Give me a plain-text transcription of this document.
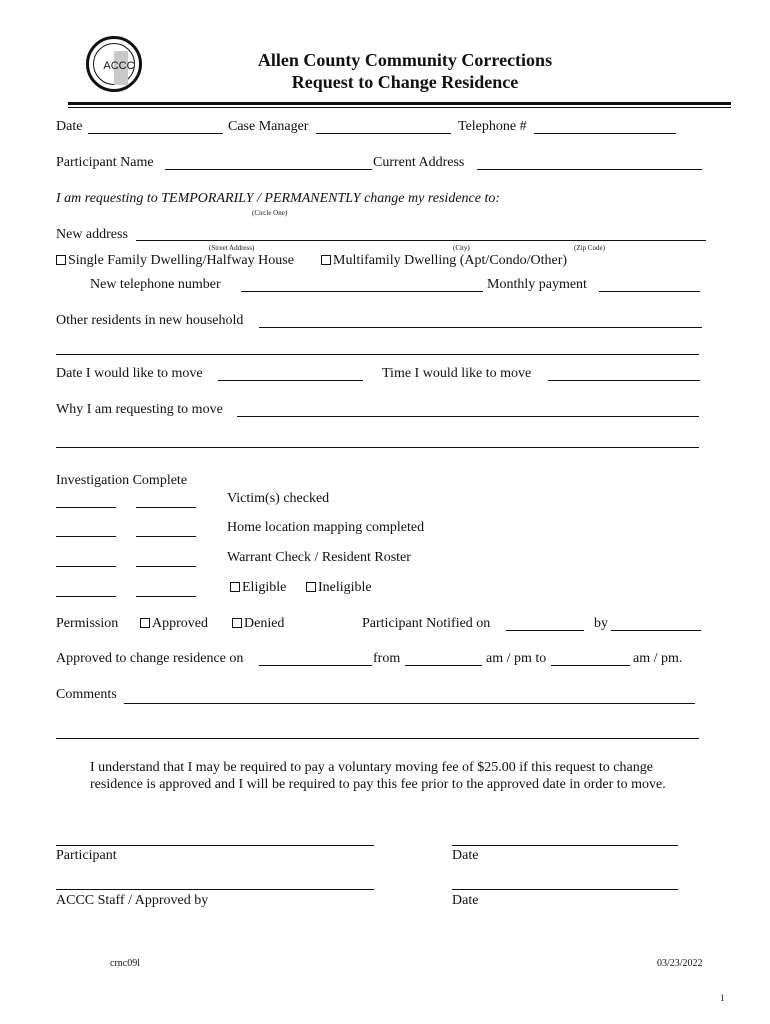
ACCC	Allen County Community Corrections
Request to Change Residence
Date	Case Manager	Telephone #
Participant Name	Current Address
I am requesting to TEMPORARILY / PERMANENTLY change my residence to:
(Circle One)
New address
(Street Address)	(City)	(Zip Code)
Single Family Dwelling/Halfway House	Multifamily Dwelling (Apt/Condo/Other)
New telephone number	Monthly payment
Other residents in new household
Date I would like to move	Time I would like to move
Why I am requesting to move
Investigation Complete
Victim(s) checked
Home location mapping completed
Warrant Check / Resident Roster
Eligible	Ineligible
Permission	Approved	Denied	Participant Notified on	by
Approved to change residence on	from	am / pm to	am / pm.
Comments
I understand that I may be required to pay a voluntary moving fee of $25.00 if this request to change residence is approved and I will be required to pay this fee prior to the approved date in order to move.
Participant	Date
ACCC Staff / Approved by	Date
crnc09l	03/23/2022
1
